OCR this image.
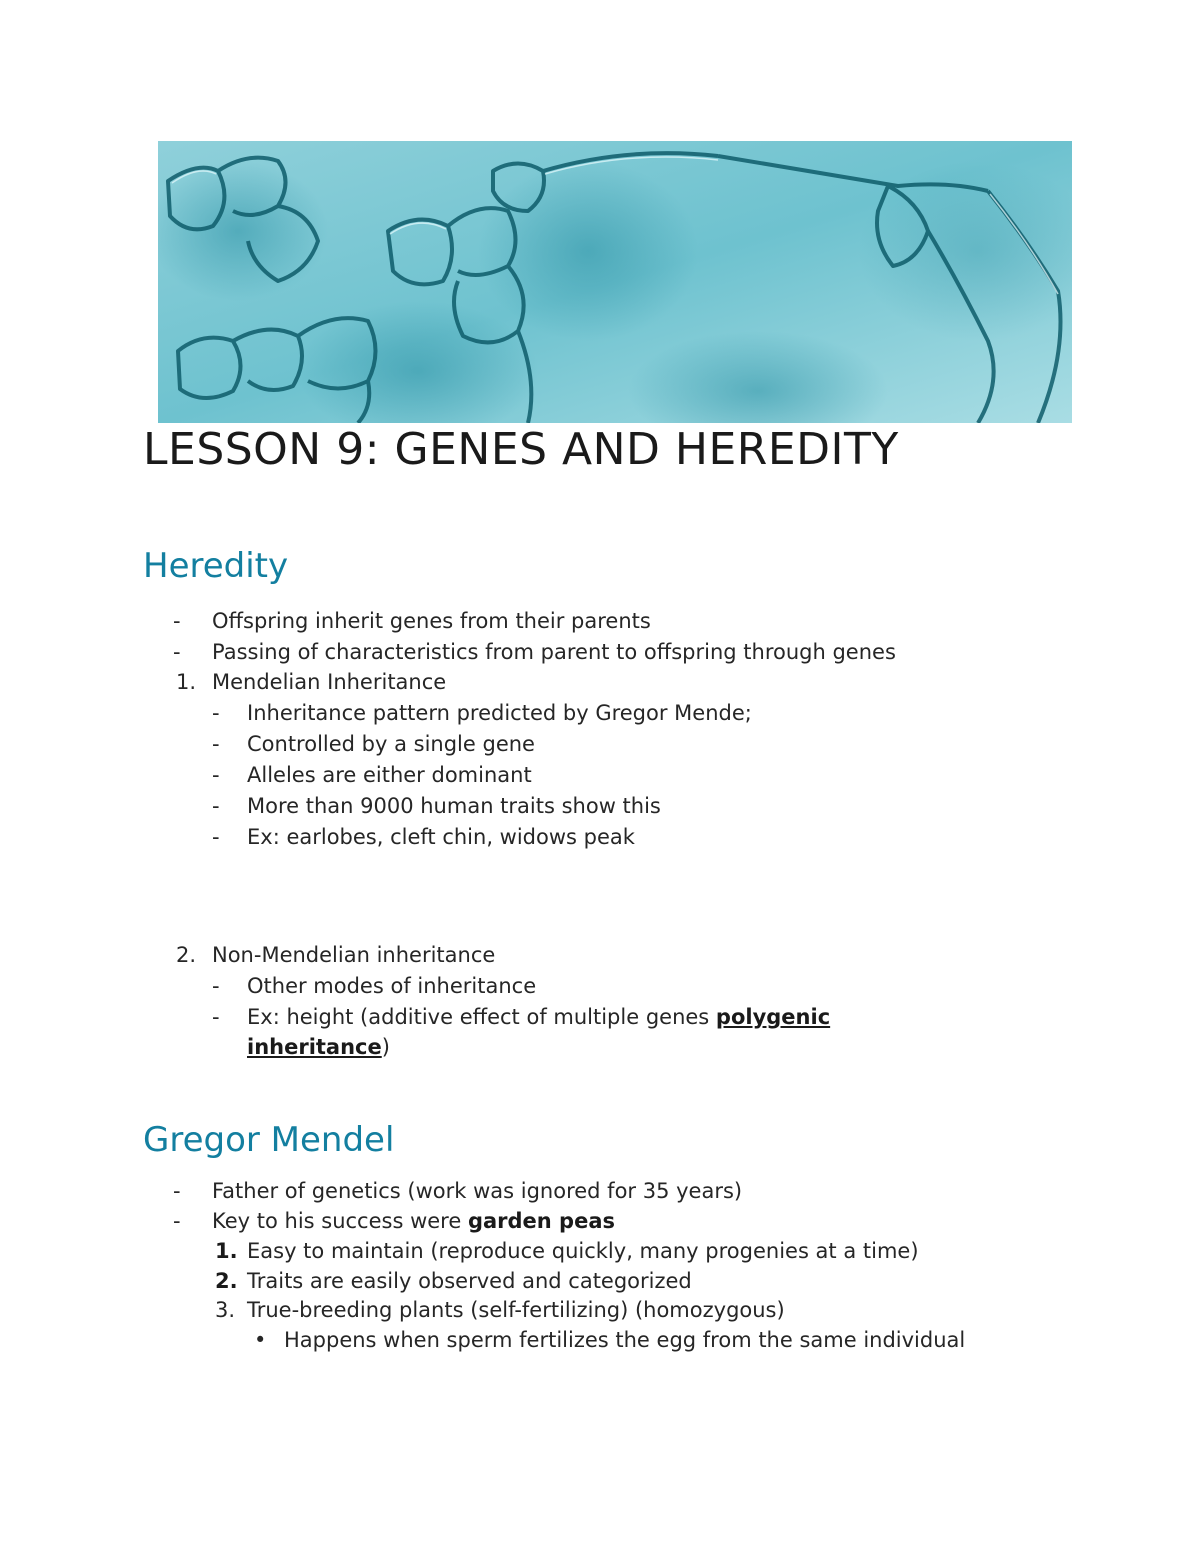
LESSON 9: GENES AND HEREDITY
Heredity
- Offspring inherit genes from their parents
- Passing of characteristics from parent to offspring through genes
1. Mendelian Inheritance
- Inheritance pattern predicted by Gregor Mende;
- Controlled by a single gene
- Alleles are either dominant
- More than 9000 human traits show this
- Ex: earlobes, cleft chin, widows peak
2. Non-Mendelian inheritance
- Other modes of inheritance
- Ex: height (additive effect of multiple genes polygenic
inheritance)
Gregor Mendel
- Father of genetics (work was ignored for 35 years)
- Key to his success were garden peas
1. Easy to maintain (reproduce quickly, many progenies at a time)
2. Traits are easily observed and categorized
3. True-breeding plants (self-fertilizing) (homozygous)
• Happens when sperm fertilizes the egg from the same individual
